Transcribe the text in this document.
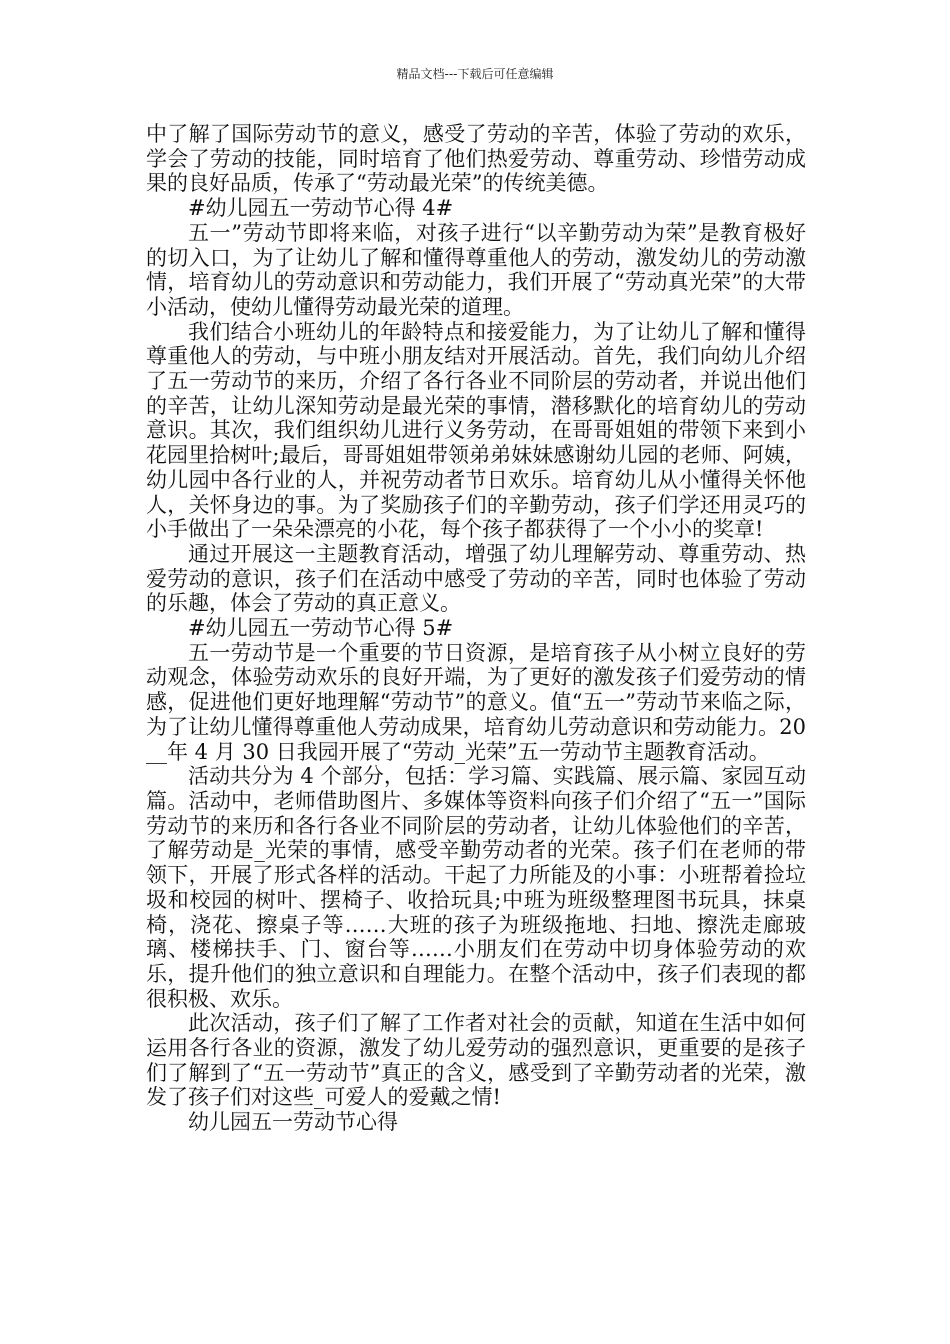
精品文档---下载后可任意编辑

中了解了国际劳动节的意义，感受了劳动的辛苦，体验了劳动的欢乐，学会了劳动的技能，同时培育了他们热爱劳动、尊重劳动、珍惜劳动成果的良好品质，传承了“劳动最光荣”的传统美德。

#幼儿园五一劳动节心得 4#

五一”劳动节即将来临，对孩子进行“以辛勤劳动为荣”是教育极好的切入口，为了让幼儿了解和懂得尊重他人的劳动，激发幼儿的劳动激情，培育幼儿的劳动意识和劳动能力，我们开展了“劳动真光荣”的大带小活动，使幼儿懂得劳动最光荣的道理。

我们结合小班幼儿的年龄特点和接爱能力，为了让幼儿了解和懂得尊重他人的劳动，与中班小朋友结对开展活动。首先，我们向幼儿介绍了五一劳动节的来历，介绍了各行各业不同阶层的劳动者，并说出他们的辛苦，让幼儿深知劳动是最光荣的事情，潜移默化的培育幼儿的劳动意识。其次，我们组织幼儿进行义务劳动，在哥哥姐姐的带领下来到小花园里拾树叶;最后，哥哥姐姐带领弟弟妹妹感谢幼儿园的老师、阿姨，幼儿园中各行业的人，并祝劳动者节日欢乐。培育幼儿从小懂得关怀他人，关怀身边的事。为了奖励孩子们的辛勤劳动，孩子们学还用灵巧的小手做出了一朵朵漂亮的小花，每个孩子都获得了一个小小的奖章!

通过开展这一主题教育活动，增强了幼儿理解劳动、尊重劳动、热爱劳动的意识，孩子们在活动中感受了劳动的辛苦，同时也体验了劳动的乐趣，体会了劳动的真正意义。

#幼儿园五一劳动节心得 5#

五一劳动节是一个重要的节日资源，是培育孩子从小树立良好的劳动观念，体验劳动欢乐的良好开端，为了更好的激发孩子们爱劳动的情感，促进他们更好地理解“劳动节”的意义。值“五一”劳动节来临之际，为了让幼儿懂得尊重他人劳动成果，培育幼儿劳动意识和劳动能力。20__年 4 月 30 日我园开展了“劳动_光荣”五一劳动节主题教育活动。

活动共分为 4 个部分，包括：学习篇、实践篇、展示篇、家园互动篇。活动中，老师借助图片、多媒体等资料向孩子们介绍了“五一”国际劳动节的来历和各行各业不同阶层的劳动者，让幼儿体验他们的辛苦，了解劳动是_光荣的事情，感受辛勤劳动者的光荣。孩子们在老师的带领下，开展了形式各样的活动。干起了力所能及的小事：小班帮着捡垃圾和校园的树叶、摆椅子、收拾玩具;中班为班级整理图书玩具，抹桌椅，浇花、擦桌子等……大班的孩子为班级拖地、扫地、擦洗走廊玻璃、楼梯扶手、门、窗台等……小朋友们在劳动中切身体验劳动的欢乐，提升他们的独立意识和自理能力。在整个活动中，孩子们表现的都很积极、欢乐。

此次活动，孩子们了解了工作者对社会的贡献，知道在生活中如何运用各行各业的资源，激发了幼儿爱劳动的强烈意识，更重要的是孩子们了解到了“五一劳动节”真正的含义，感受到了辛勤劳动者的光荣，激发了孩子们对这些_可爱人的爱戴之情!

幼儿园五一劳动节心得
